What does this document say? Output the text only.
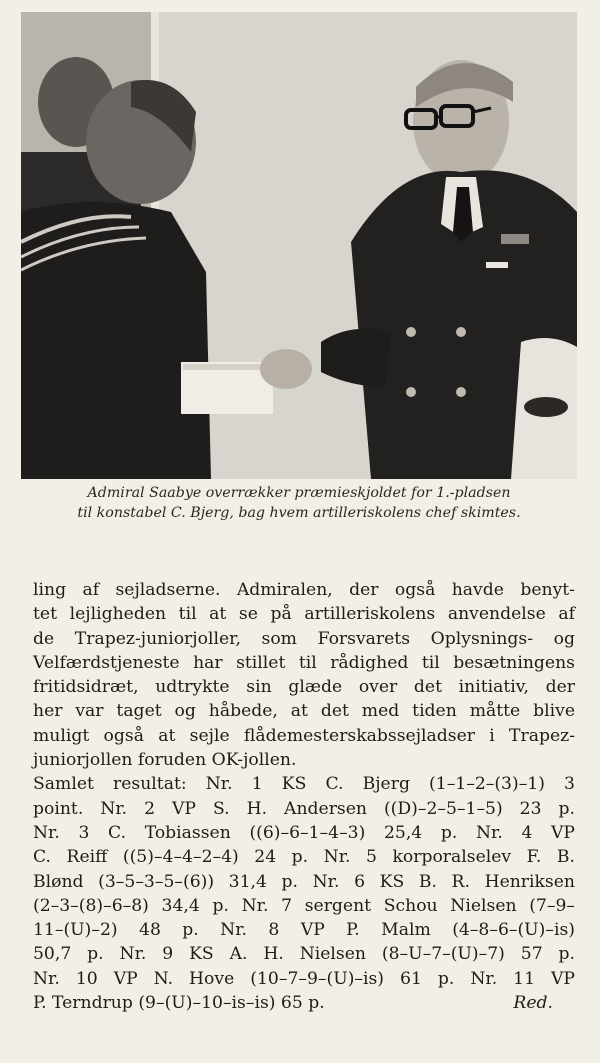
Admiral Saabye overrækker præmieskjoldet for 1.-pladsen

til konstabel C. Bjerg, bag hvem artilleriskolens chef skimtes.

ling af sejladserne. Admiralen, der også havde benyt-
tet lejligheden til at se på artilleriskolens anvendelse af
de Trapez-juniorjoller, som Forsvarets Oplysnings- og
Velfærdstjeneste har stillet til rådighed til besætningens
fritidsidræt, udtrykte sin glæde over det initiativ, der
her var taget og håbede, at det med tiden måtte blive
muligt også at sejle flådemesterskabssejladser i Trapez-
juniorjollen foruden OK-jollen.
Samlet resultat: Nr. 1 KS C. Bjerg (1–1–2–(3)–1) 3
point. Nr. 2 VP S. H. Andersen ((D)–2–5–1–5) 23 p.
Nr. 3 C. Tobiassen ((6)–6–1–4–3) 25,4 p. Nr. 4 VP
C. Reiff ((5)–4–4–2–4) 24 p. Nr. 5 korporalselev F. B.
Blønd (3–5–3–5–(6)) 31,4 p. Nr. 6 KS B. R. Henriksen
(2–3–(8)–6–8) 34,4 p. Nr. 7 sergent Schou Nielsen (7–9–
11–(U)–2) 48 p. Nr. 8 VP P. Malm (4–8–6–(U)–is)
50,7 p. Nr. 9 KS A. H. Nielsen (8–U–7–(U)–7) 57 p.
Nr. 10 VP N. Hove (10–7–9–(U)–is) 61 p. Nr. 11 VP
P. Terndrup (9–(U)–10–is–is) 65 p.	Red.
